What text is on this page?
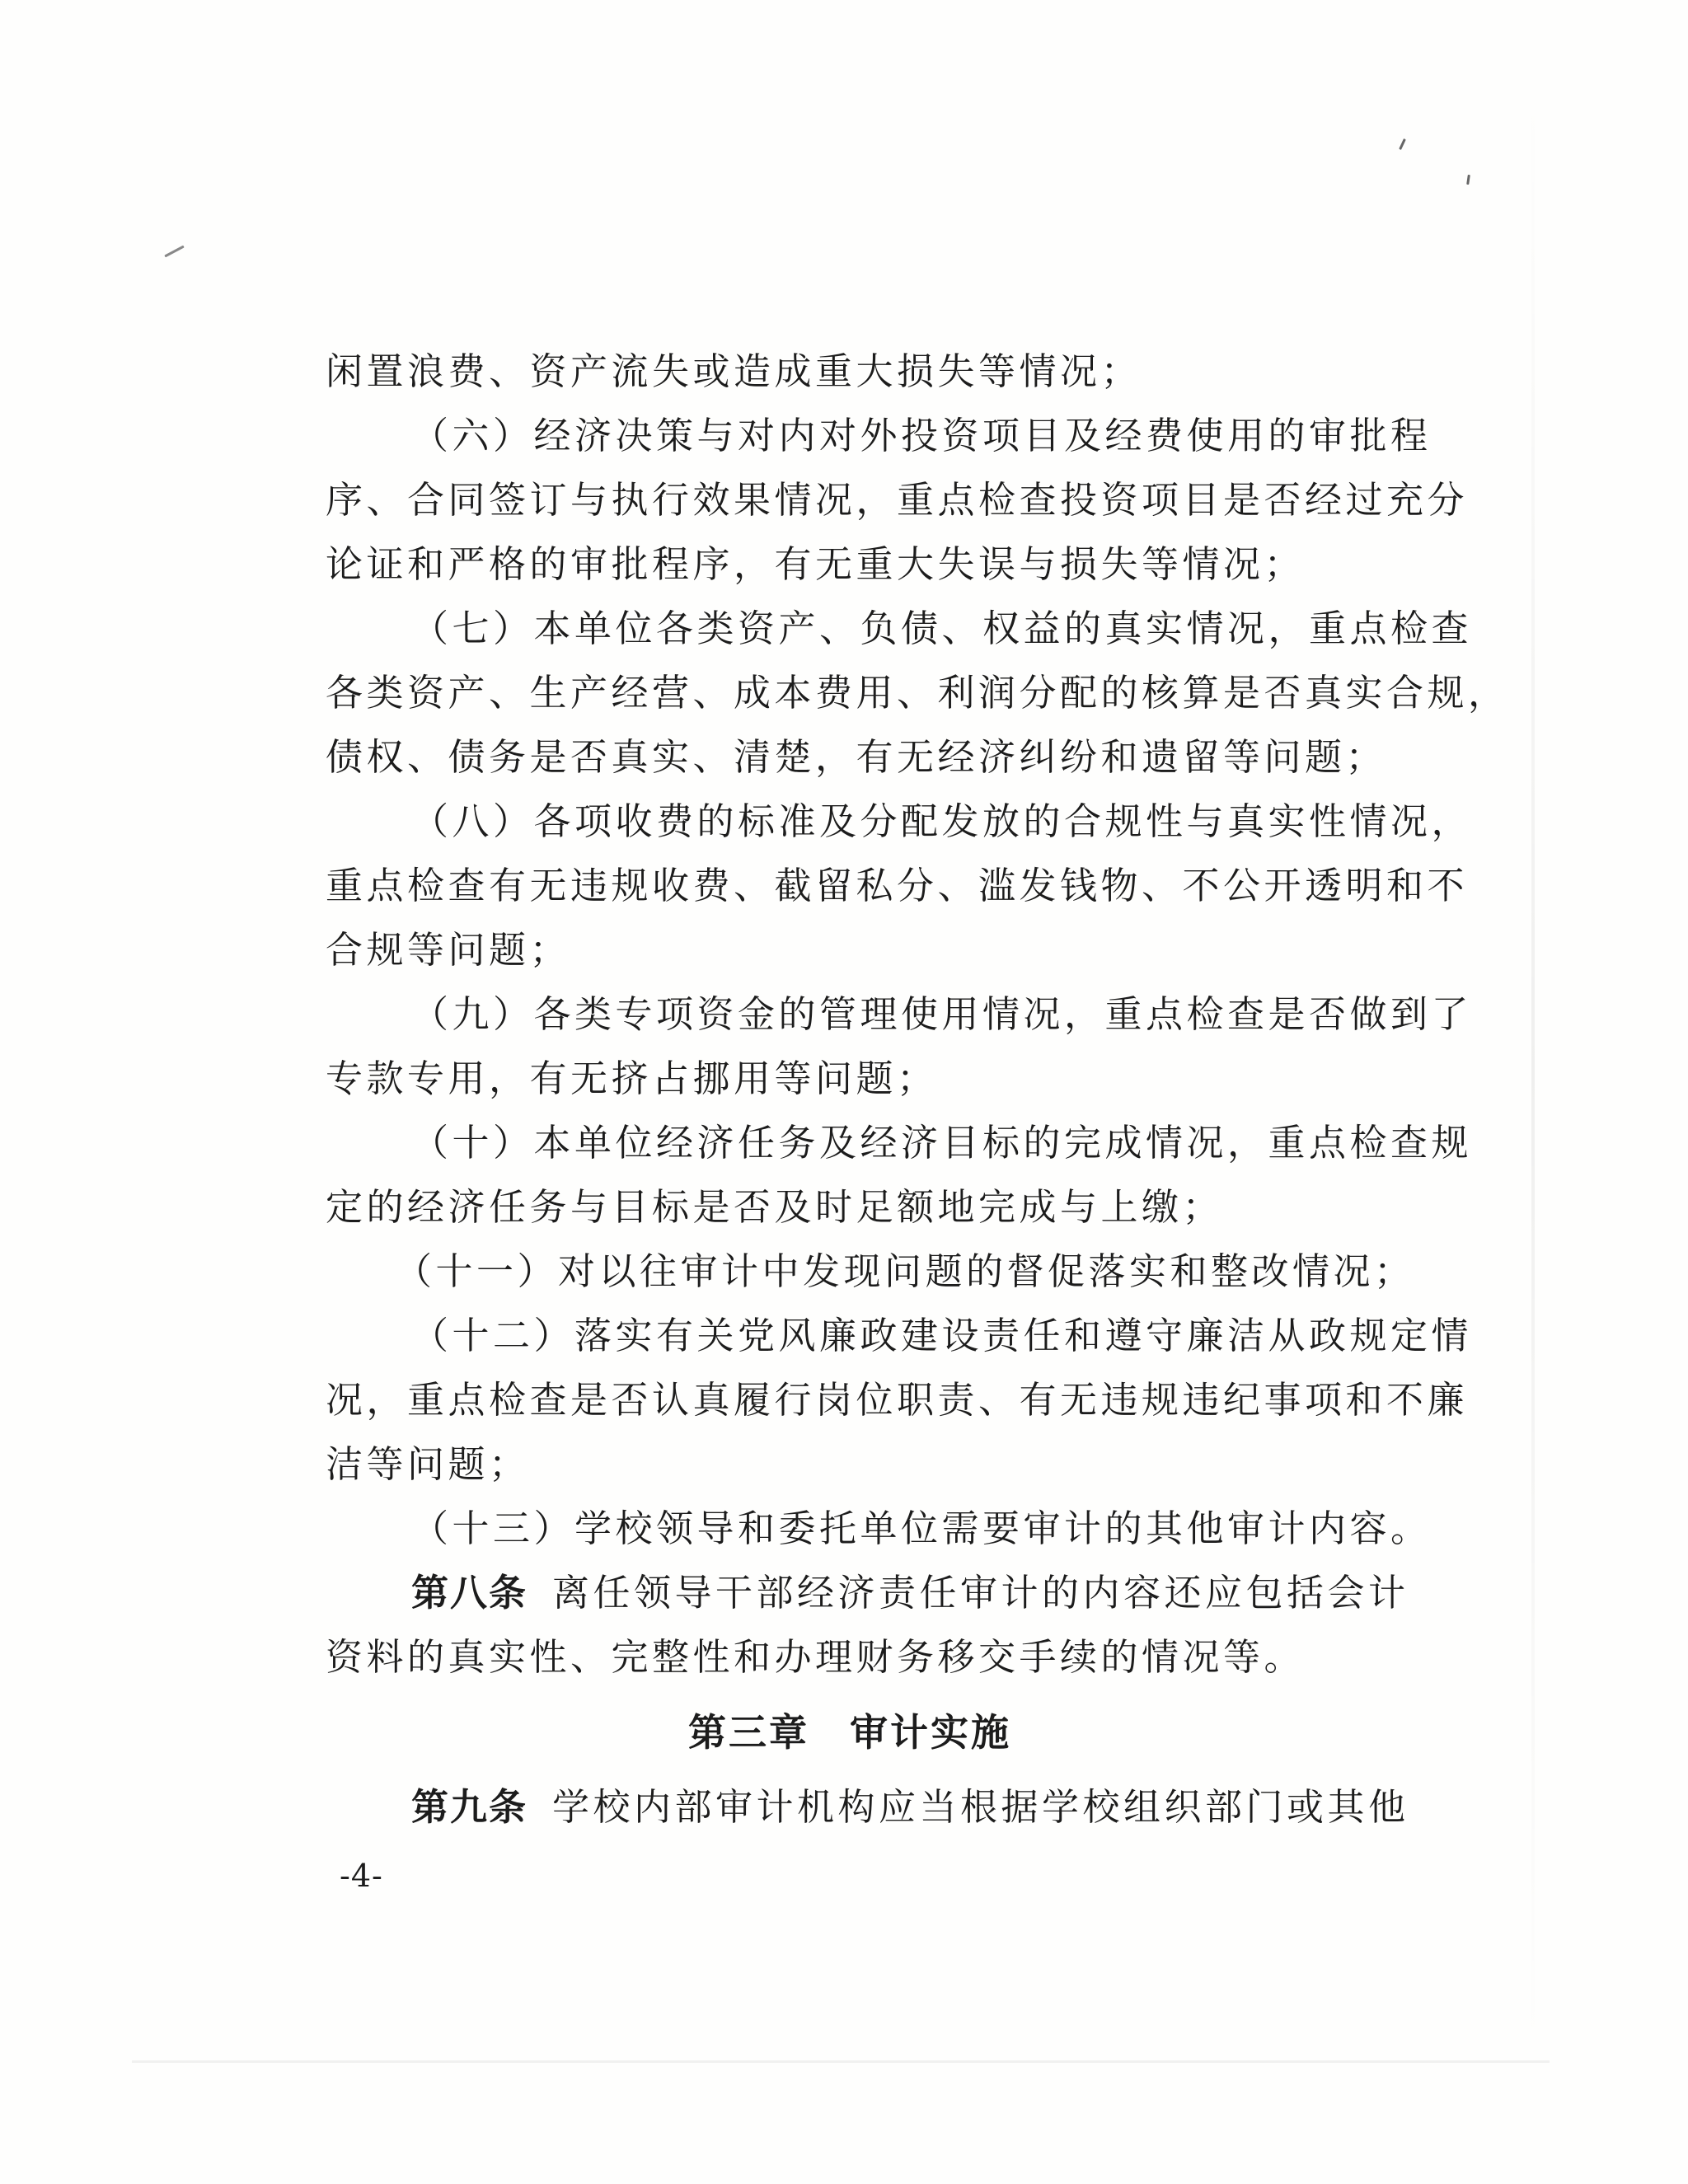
闲置浪费、资产流失或造成重大损失等情况；
（六）经济决策与对内对外投资项目及经费使用的审批程
序、合同签订与执行效果情况，重点检查投资项目是否经过充分
论证和严格的审批程序，有无重大失误与损失等情况；
（七）本单位各类资产、负债、权益的真实情况，重点检查
各类资产、生产经营、成本费用、利润分配的核算是否真实合规，
债权、债务是否真实、清楚，有无经济纠纷和遗留等问题；
（八）各项收费的标准及分配发放的合规性与真实性情况，
重点检查有无违规收费、截留私分、滥发钱物、不公开透明和不
合规等问题；
（九）各类专项资金的管理使用情况，重点检查是否做到了
专款专用，有无挤占挪用等问题；
（十）本单位经济任务及经济目标的完成情况，重点检查规
定的经济任务与目标是否及时足额地完成与上缴；
（十一）对以往审计中发现问题的督促落实和整改情况；
（十二）落实有关党风廉政建设责任和遵守廉洁从政规定情
况，重点检查是否认真履行岗位职责、有无违规违纪事项和不廉
洁等问题；
（十三）学校领导和委托单位需要审计的其他审计内容。
第八条 离任领导干部经济责任审计的内容还应包括会计
资料的真实性、完整性和办理财务移交手续的情况等。
第三章　审计实施
第九条 学校内部审计机构应当根据学校组织部门或其他
-4-
